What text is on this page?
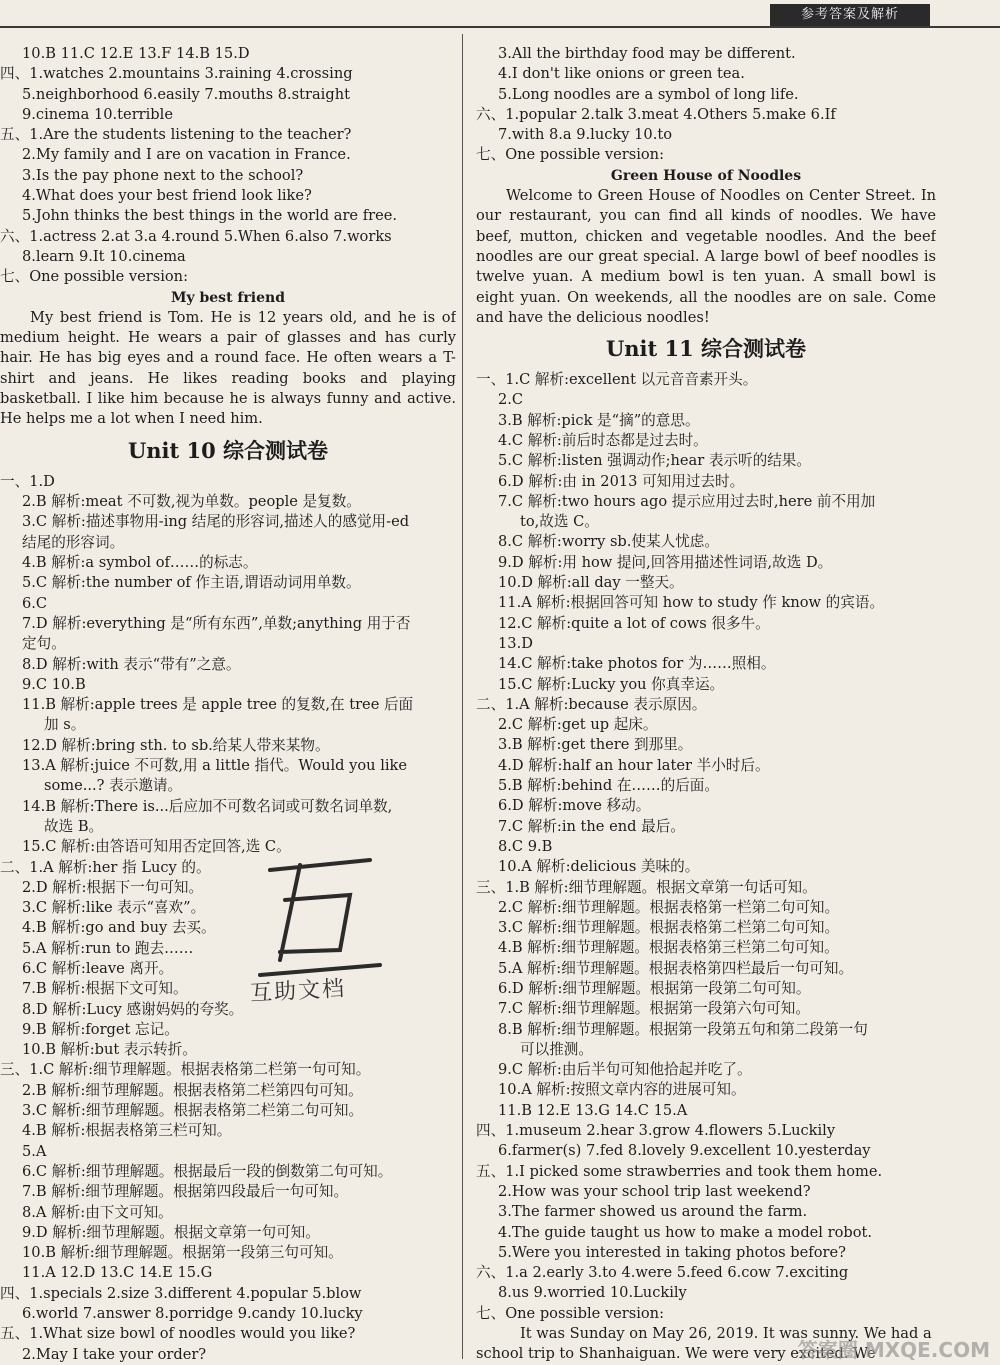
参考答案及解析
10.B 11.C 12.E 13.F 14.B 15.D
四、1.watches 2.mountains 3.raining 4.crossing
5.neighborhood 6.easily 7.mouths 8.straight
9.cinema 10.terrible
五、1.Are the students listening to the teacher?
2.My family and I are on vacation in France.
3.Is the pay phone next to the school?
4.What does your best friend look like?
5.John thinks the best things in the world are free.
六、1.actress 2.at 3.a 4.round 5.When 6.also 7.works
8.learn 9.It 10.cinema
七、One possible version:
My best friend
My best friend is Tom. He is 12 years old, and he is of medium height. He wears a pair of glasses and has curly hair. He has big eyes and a round face. He often wears a T-shirt and jeans. He likes reading books and playing basketball. I like him because he is always funny and active. He helps me a lot when I need him.
Unit 10 综合测试卷
一、1.D
2.B 解析:meat 不可数,视为单数。people 是复数。
3.C 解析:描述事物用-ing 结尾的形容词,描述人的感觉用-ed
结尾的形容词。
4.B 解析:a symbol of……的标志。
5.C 解析:the number of 作主语,谓语动词用单数。
6.C
7.D 解析:everything 是“所有东西”,单数;anything 用于否
定句。
8.D 解析:with 表示“带有”之意。
9.C 10.B
11.B 解析:apple trees 是 apple tree 的复数,在 tree 后面
加 s。
12.D 解析:bring sth. to sb.给某人带来某物。
13.A 解析:juice 不可数,用 a little 指代。Would you like
some...? 表示邀请。
14.B 解析:There is...后应加不可数名词或可数名词单数,
故选 B。
15.C 解析:由答语可知用否定回答,选 C。
二、1.A 解析:her 指 Lucy 的。
2.D 解析:根据下一句可知。
3.C 解析:like 表示“喜欢”。
4.B 解析:go and buy 去买。
5.A 解析:run to 跑去……
6.C 解析:leave 离开。
7.B 解析:根据下文可知。
8.D 解析:Lucy 感谢妈妈的夸奖。
9.B 解析:forget 忘记。
10.B 解析:but 表示转折。
三、1.C 解析:细节理解题。根据表格第二栏第一句可知。
2.B 解析:细节理解题。根据表格第二栏第四句可知。
3.C 解析:细节理解题。根据表格第二栏第二句可知。
4.B 解析:根据表格第三栏可知。
5.A
6.C 解析:细节理解题。根据最后一段的倒数第二句可知。
7.B 解析:细节理解题。根据第四段最后一句可知。
8.A 解析:由下文可知。
9.D 解析:细节理解题。根据文章第一句可知。
10.B 解析:细节理解题。根据第一段第三句可知。
11.A 12.D 13.C 14.E 15.G
四、1.specials 2.size 3.different 4.popular 5.blow
6.world 7.answer 8.porridge 9.candy 10.lucky
五、1.What size bowl of noodles would you like?
2.May I take your order?
3.All the birthday food may be different.
4.I don't like onions or green tea.
5.Long noodles are a symbol of long life.
六、1.popular 2.talk 3.meat 4.Others 5.make 6.If
7.with 8.a 9.lucky 10.to
七、One possible version:
Green House of Noodles
Welcome to Green House of Noodles on Center Street. In our restaurant, you can find all kinds of noodles. We have beef, mutton, chicken and vegetable noodles. And the beef noodles are our great special. A large bowl of beef noodles is twelve yuan. A medium bowl is ten yuan. A small bowl is eight yuan. On weekends, all the noodles are on sale. Come and have the delicious noodles!
Unit 11 综合测试卷
一、1.C 解析:excellent 以元音音素开头。
2.C
3.B 解析:pick 是“摘”的意思。
4.C 解析:前后时态都是过去时。
5.C 解析:listen 强调动作;hear 表示听的结果。
6.D 解析:由 in 2013 可知用过去时。
7.C 解析:two hours ago 提示应用过去时,here 前不用加
to,故选 C。
8.C 解析:worry sb.使某人忧虑。
9.D 解析:用 how 提问,回答用描述性词语,故选 D。
10.D 解析:all day 一整天。
11.A 解析:根据回答可知 how to study 作 know 的宾语。
12.C 解析:quite a lot of cows 很多牛。
13.D
14.C 解析:take photos for 为……照相。
15.C 解析:Lucky you 你真幸运。
二、1.A 解析:because 表示原因。
2.C 解析:get up 起床。
3.B 解析:get there 到那里。
4.D 解析:half an hour later 半小时后。
5.B 解析:behind 在……的后面。
6.D 解析:move 移动。
7.C 解析:in the end 最后。
8.C 9.B
10.A 解析:delicious 美味的。
三、1.B 解析:细节理解题。根据文章第一句话可知。
2.C 解析:细节理解题。根据表格第一栏第二句可知。
3.C 解析:细节理解题。根据表格第二栏第二句可知。
4.B 解析:细节理解题。根据表格第三栏第二句可知。
5.A 解析:细节理解题。根据表格第四栏最后一句可知。
6.D 解析:细节理解题。根据第一段第二句可知。
7.C 解析:细节理解题。根据第一段第六句可知。
8.B 解析:细节理解题。根据第一段第五句和第二段第一句
可以推测。
9.C 解析:由后半句可知他拾起并吃了。
10.A 解析:按照文章内容的进展可知。
11.B 12.E 13.G 14.C 15.A
四、1.museum 2.hear 3.grow 4.flowers 5.Luckily
6.farmer(s) 7.fed 8.lovely 9.excellent 10.yesterday
五、1.I picked some strawberries and took them home.
2.How was your school trip last weekend?
3.The farmer showed us around the farm.
4.The guide taught us how to make a model robot.
5.Were you interested in taking photos before?
六、1.a 2.early 3.to 4.were 5.feed 6.cow 7.exciting
8.us 9.worried 10.Luckily
七、One possible version:
It was Sunday on May 26, 2019. It was sunny. We had a
school trip to Shanhaiguan. We were very excited. We
互助文档
答案圈 MXQE.COM
